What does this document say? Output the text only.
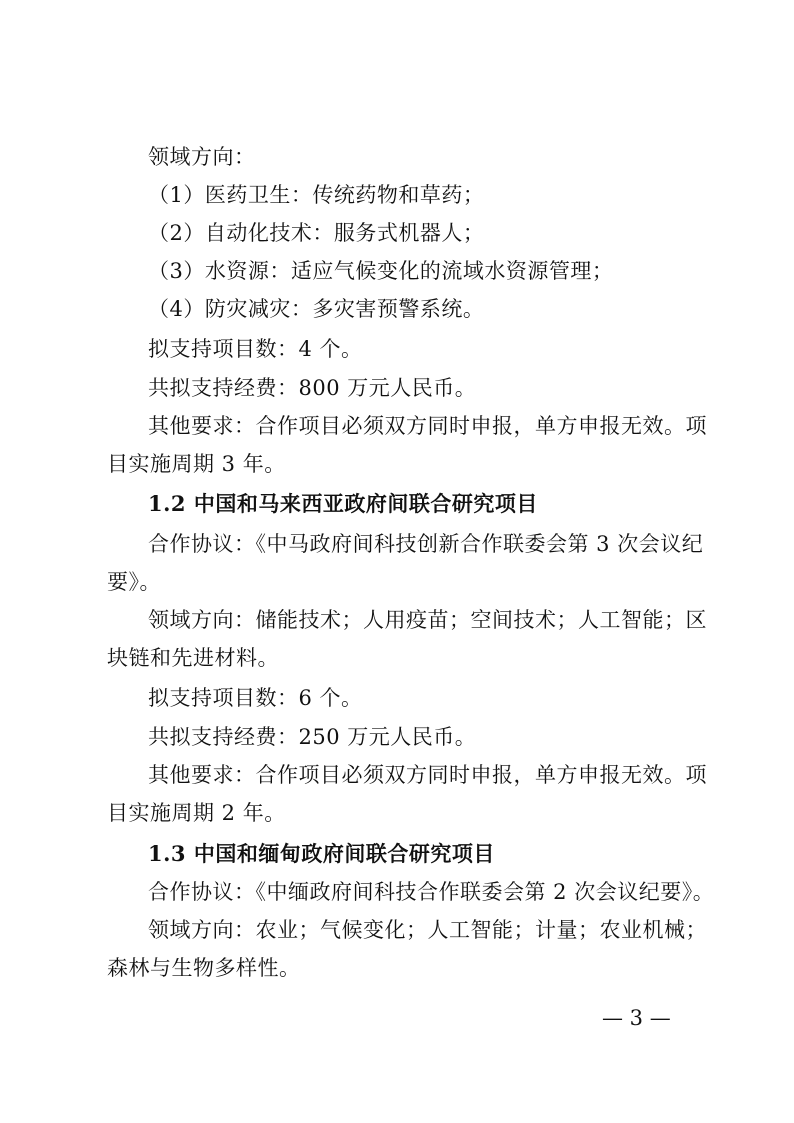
领域方向：
（1）医药卫生：传统药物和草药；
（2）自动化技术：服务式机器人；
（3）水资源：适应气候变化的流域水资源管理；
（4）防灾减灾：多灾害预警系统。
拟支持项目数：4 个。
共拟支持经费：800 万元人民币。
其他要求：合作项目必须双方同时申报，单方申报无效。项
目实施周期 3 年。
1.2 中国和马来西亚政府间联合研究项目
合作协议：《中马政府间科技创新合作联委会第 3 次会议纪
要》。
领域方向：储能技术；人用疫苗；空间技术；人工智能；区
块链和先进材料。
拟支持项目数：6 个。
共拟支持经费：250 万元人民币。
其他要求：合作项目必须双方同时申报，单方申报无效。项
目实施周期 2 年。
1.3 中国和缅甸政府间联合研究项目
合作协议：《中缅政府间科技合作联委会第 2 次会议纪要》。
领域方向：农业；气候变化；人工智能；计量；农业机械；
森林与生物多样性。
— 3 —
